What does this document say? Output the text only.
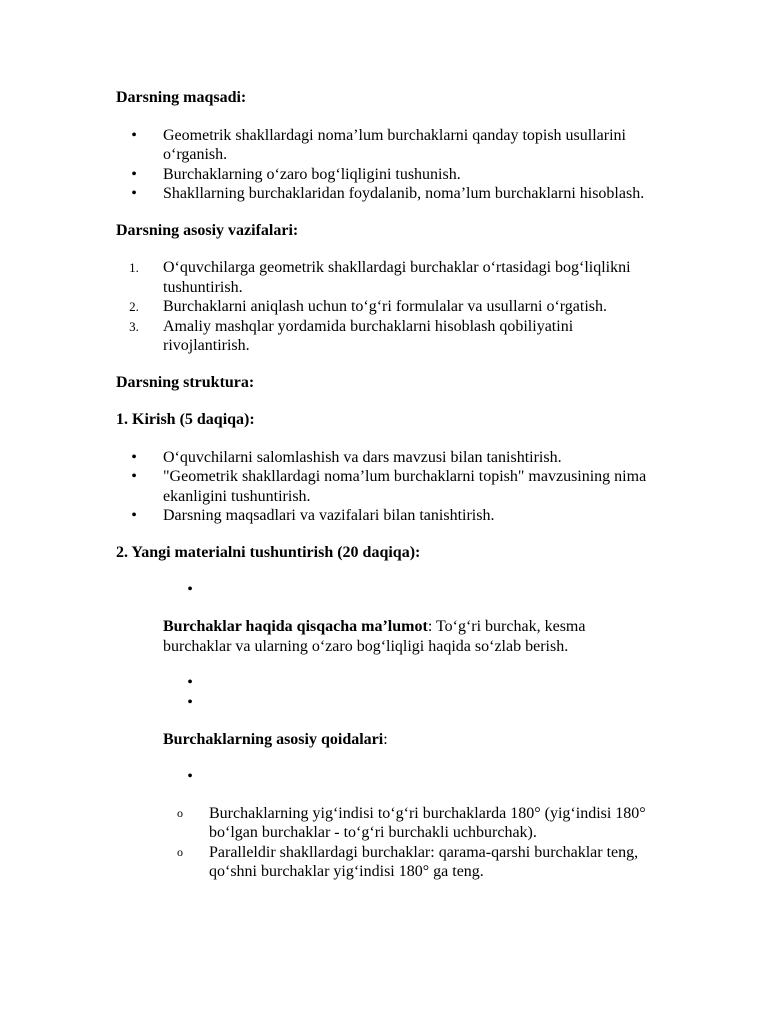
Darsning maqsadi:

•	Geometrik shakllardagi noma’lum burchaklarni qanday topish usullarini o‘rganish.
•	Burchaklarning o‘zaro bog‘liqligini tushunish.
•	Shakllarning burchaklaridan foydalanib, noma’lum burchaklarni hisoblash.

Darsning asosiy vazifalari:

1.	O‘quvchilarga geometrik shakllardagi burchaklar o‘rtasidagi bog‘liqlikni tushuntirish.
2.	Burchaklarni aniqlash uchun to‘g‘ri formulalar va usullarni o‘rgatish.
3.	Amaliy mashqlar yordamida burchaklarni hisoblash qobiliyatini rivojlantirish.

Darsning struktura:

1. Kirish (5 daqiqa):

•	O‘quvchilarni salomlashish va dars mavzusi bilan tanishtirish.
•	"Geometrik shakllardagi noma’lum burchaklarni topish" mavzusining nima ekanligini tushuntirish.
•	Darsning maqsadlari va vazifalari bilan tanishtirish.

2. Yangi materialni tushuntirish (20 daqiqa):

•

Burchaklar haqida qisqacha ma’lumot: To‘g‘ri burchak, kesma burchaklar va ularning o‘zaro bog‘liqligi haqida so‘zlab berish.

•
•

Burchaklarning asosiy qoidalari:

•
o	Burchaklarning yig‘indisi to‘g‘ri burchaklarda 180° (yig‘indisi 180° bo‘lgan burchaklar - to‘g‘ri burchakli uchburchak).
o	Paralleldir shakllardagi burchaklar: qarama-qarshi burchaklar teng, qo‘shni burchaklar yig‘indisi 180° ga teng.
